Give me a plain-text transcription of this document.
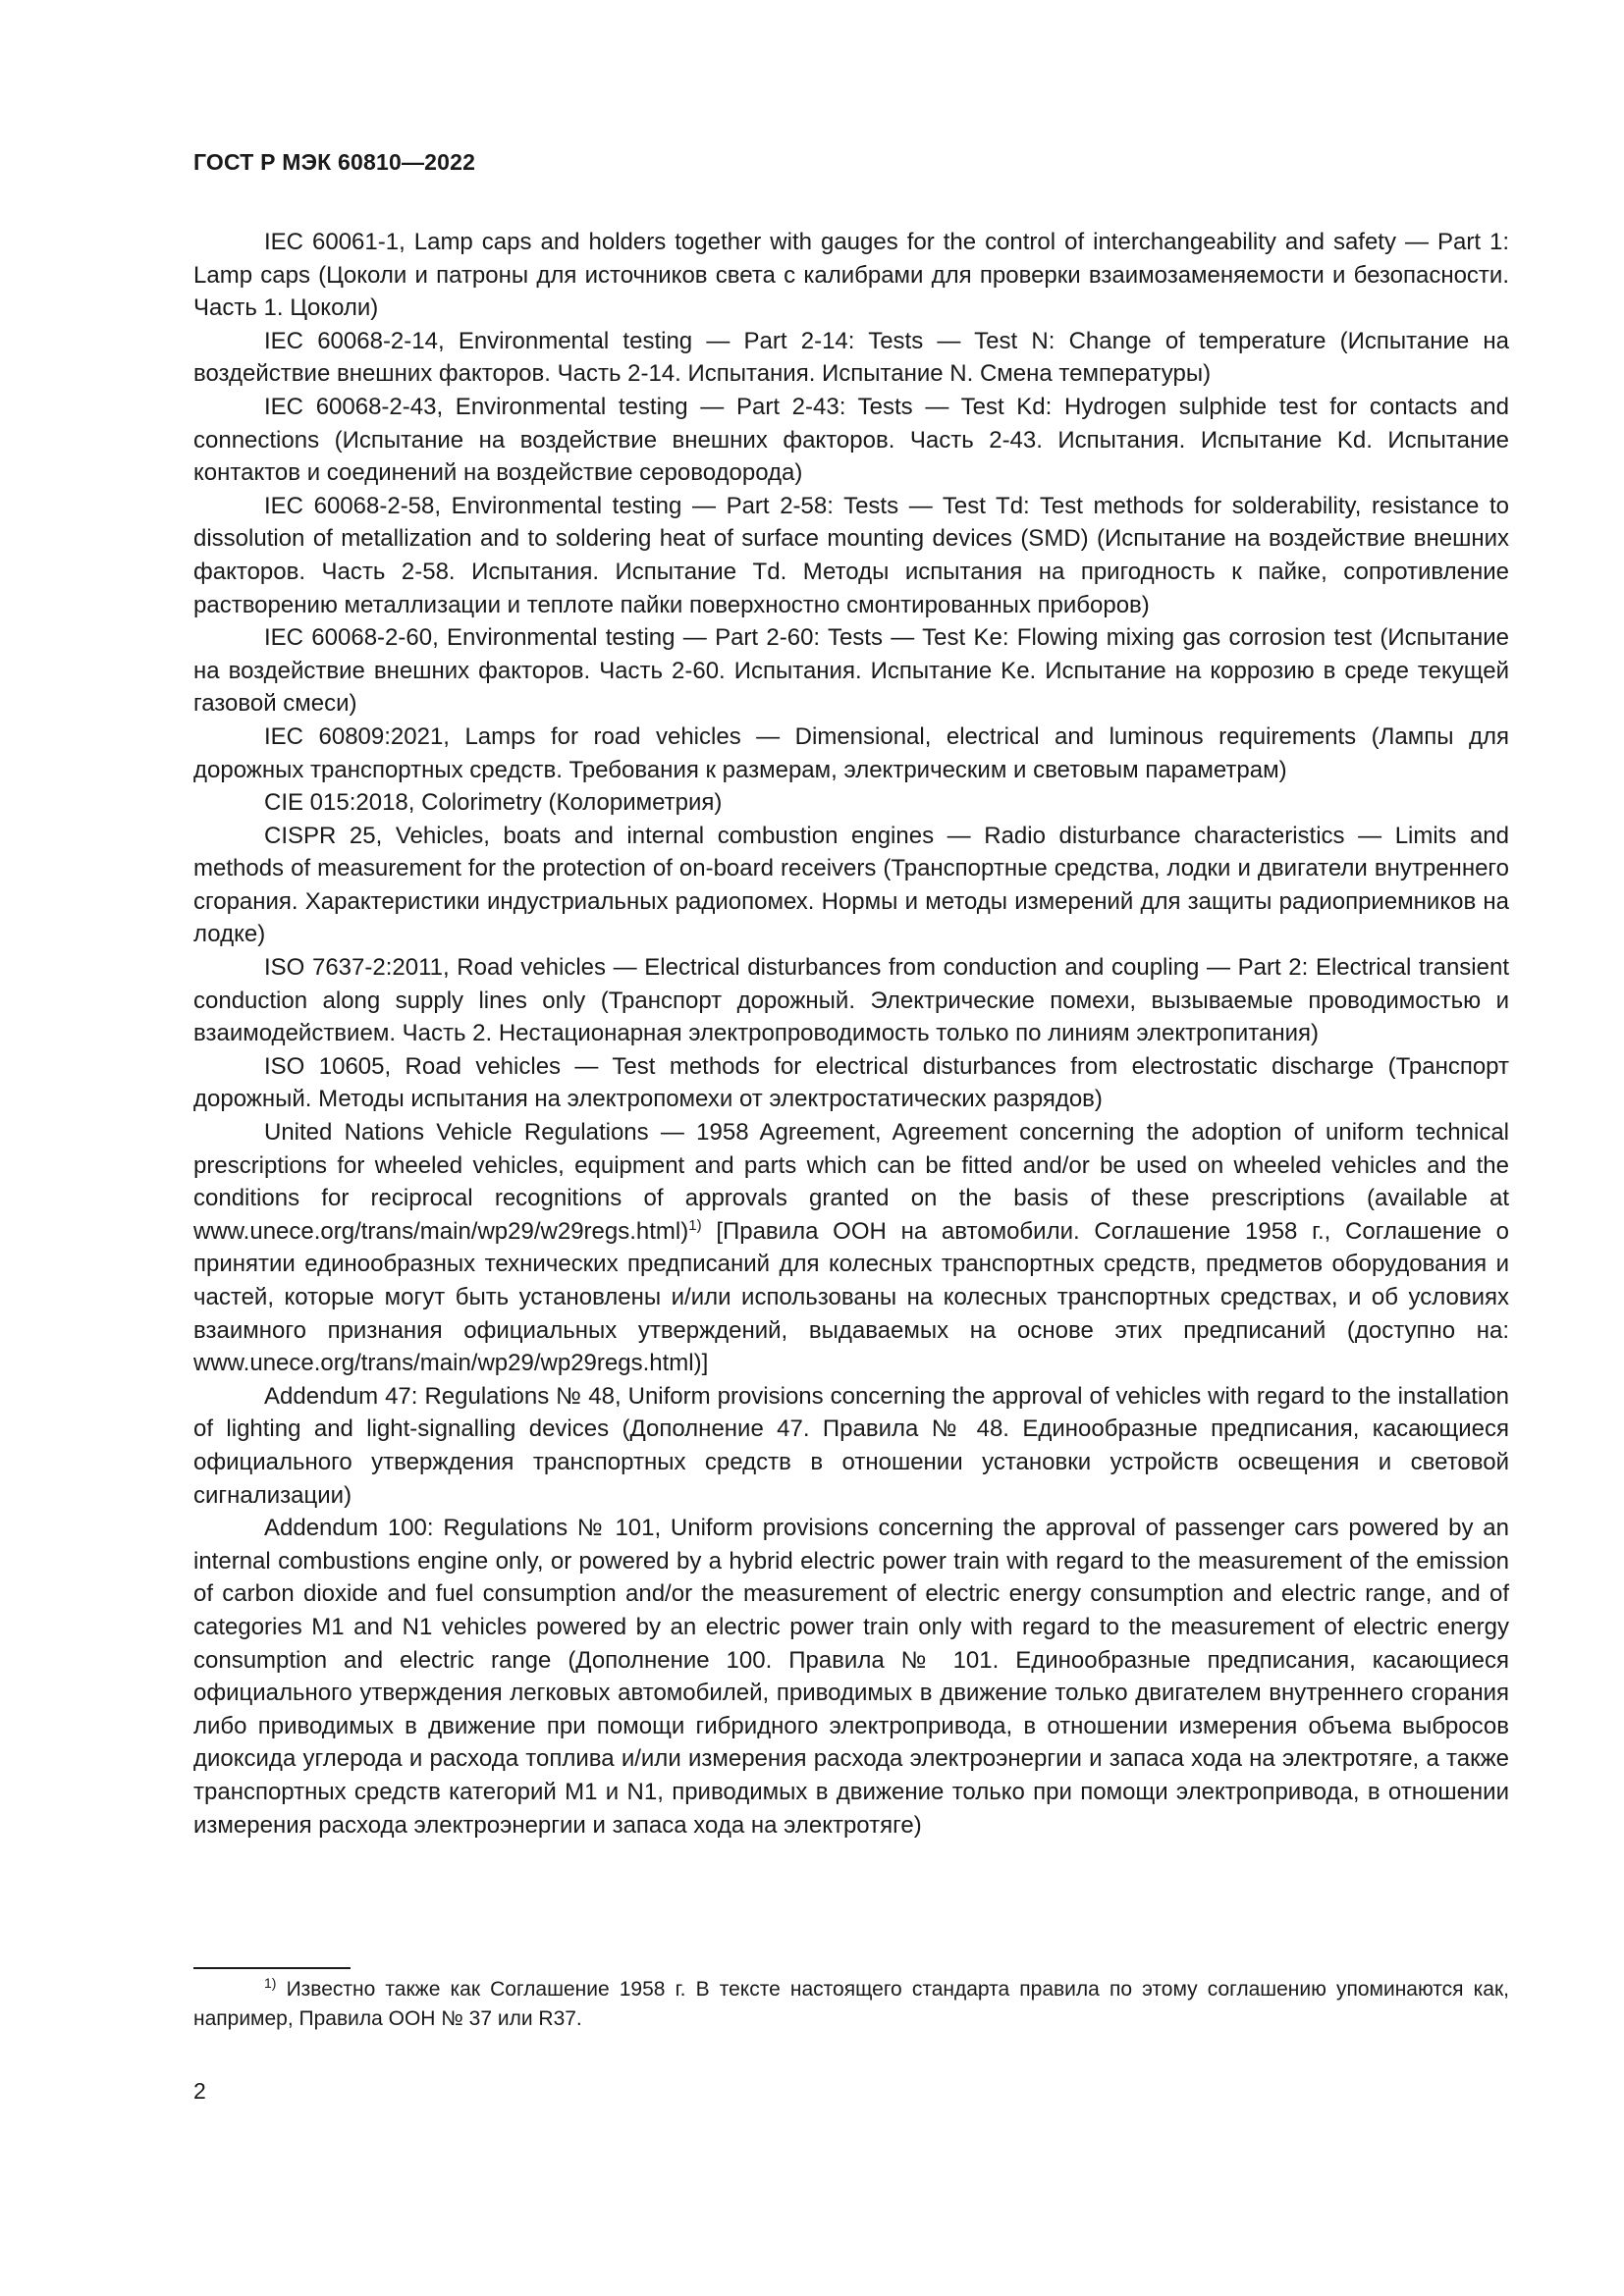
ГОСТ Р МЭК 60810—2022

IEC 60061-1, Lamp caps and holders together with gauges for the control of interchangeability and safety — Part 1: Lamp caps (Цоколи и патроны для источников света с калибрами для проверки взаимозаменяемости и безопасности. Часть 1. Цоколи)

IEC 60068-2-14, Environmental testing — Part 2-14: Tests — Test N: Change of temperature (Испытание на воздействие внешних факторов. Часть 2-14. Испытания. Испытание N. Смена температуры)

IEC 60068-2-43, Environmental testing — Part 2-43: Tests — Test Kd: Hydrogen sulphide test for contacts and connections (Испытание на воздействие внешних факторов. Часть 2-43. Испытания. Испытание Kd. Испытание контактов и соединений на воздействие сероводорода)

IEC 60068-2-58, Environmental testing — Part 2-58: Tests — Test Td: Test methods for solderability, resistance to dissolution of metallization and to soldering heat of surface mounting devices (SMD) (Испытание на воздействие внешних факторов. Часть 2-58. Испытания. Испытание Td. Методы испытания на пригодность к пайке, сопротивление растворению металлизации и теплоте пайки поверхностно смонтированных приборов)

IEC 60068-2-60, Environmental testing — Part 2-60: Tests — Test Ke: Flowing mixing gas corrosion test (Испытание на воздействие внешних факторов. Часть 2-60. Испытания. Испытание Ke. Испытание на коррозию в среде текущей газовой смеси)

IEC 60809:2021, Lamps for road vehicles — Dimensional, electrical and luminous requirements (Лампы для дорожных транспортных средств. Требования к размерам, электрическим и световым параметрам)

CIE 015:2018, Colorimetry (Колориметрия)

CISPR 25, Vehicles, boats and internal combustion engines — Radio disturbance characteristics — Limits and methods of measurement for the protection of on-board receivers (Транспортные средства, лодки и двигатели внутреннего сгорания. Характеристики индустриальных радиопомех. Нормы и методы измерений для защиты радиоприемников на лодке)

ISO 7637-2:2011, Road vehicles — Electrical disturbances from conduction and coupling — Part 2: Electrical transient conduction along supply lines only (Транспорт дорожный. Электрические помехи, вызываемые проводимостью и взаимодействием. Часть 2. Нестационарная электропроводимость только по линиям электропитания)

ISO 10605, Road vehicles — Test methods for electrical disturbances from electrostatic discharge (Транспорт дорожный. Методы испытания на электропомехи от электростатических разрядов)

United Nations Vehicle Regulations — 1958 Agreement, Agreement concerning the adoption of uniform technical prescriptions for wheeled vehicles, equipment and parts which can be fitted and/or be used on wheeled vehicles and the conditions for reciprocal recognitions of approvals granted on the basis of these prescriptions (available at www.unece.org/trans/main/wp29/w29regs.html)$^{1)}$ [Правила ООН на автомобили. Соглашение 1958 г., Соглашение о принятии единообразных технических предписаний для колесных транспортных средств, предметов оборудования и частей, которые могут быть установлены и/или использованы на колесных транспортных средствах, и об условиях взаимного признания официальных утверждений, выдаваемых на основе этих предписаний (доступно на: www.unece.org/trans/main/wp29/​wp29regs.html)]

Addendum 47: Regulations № 48, Uniform provisions concerning the approval of vehicles with regard to the installation of lighting and light-signalling devices (Дополнение 47. Правила № 48. Единообразные предписания, касающиеся официального утверждения транспортных средств в отношении установки устройств освещения и световой сигнализации)

Addendum 100: Regulations № 101, Uniform provisions concerning the approval of passenger cars powered by an internal combustions engine only, or powered by a hybrid electric power train with regard to the measurement of the emission of carbon dioxide and fuel consumption and/or the measurement of electric energy consumption and electric range, and of categories M1 and N1 vehicles powered by an electric power train only with regard to the measurement of electric energy consumption and electric range (Дополнение 100. Правила № 101. Единообразные предписания, касающиеся официального утверждения легковых автомобилей, приводимых в движение только двигателем внутреннего сгорания либо приводимых в движение при помощи гибридного электропривода, в отношении измерения объема выбросов диоксида углерода и расхода топлива и/или измерения расхода электроэнергии и запаса хода на электротяге, а также транспортных средств категорий M1 и N1, приводимых в движение только при помощи электропривода, в отношении измерения расхода электроэнергии и запаса хода на электротяге)

$^{1)}$ Известно также как Соглашение 1958 г. В тексте настоящего стандарта правила по этому соглашению упоминаются как, например, Правила ООН № 37 или R37.

2
